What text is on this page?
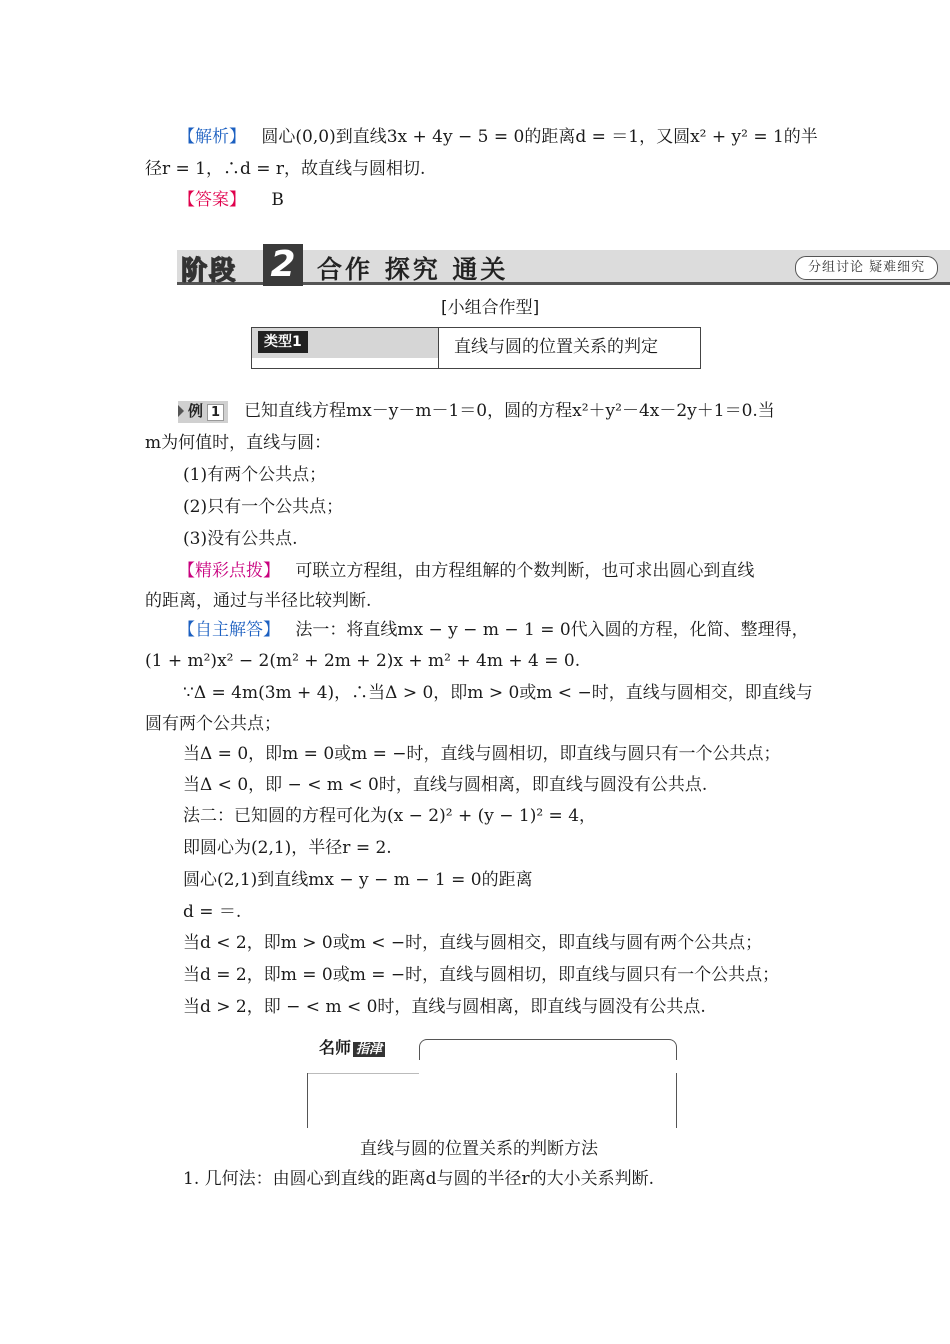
【解析】 圆心(0,0)到直线3x + 4y − 5 = 0的距离d = ＝1，又圆x² + y² = 1的半
径r = 1，∴d = r，故直线与圆相切.
【答案】 B
阶段 2 合作 探究 通关	分组讨论 疑难细究
[小组合作型]
类型1	直线与圆的位置关系的判定
例 1 已知直线方程mx－y－m－1＝0，圆的方程x²＋y²－4x－2y＋1＝0.当
m为何值时，直线与圆：
(1)有两个公共点；
(2)只有一个公共点；
(3)没有公共点.
【精彩点拨】 可联立方程组，由方程组解的个数判断，也可求出圆心到直线
的距离，通过与半径比较判断.
【自主解答】 法一：将直线mx − y − m − 1 = 0代入圆的方程，化简、整理得，
(1 + m²)x² − 2(m² + 2m + 2)x + m² + 4m + 4 = 0.
∵Δ = 4m(3m + 4)，∴当Δ > 0，即m > 0或m < −时，直线与圆相交，即直线与
圆有两个公共点；
当Δ = 0，即m = 0或m = −时，直线与圆相切，即直线与圆只有一个公共点；
当Δ < 0，即 − < m < 0时，直线与圆相离，即直线与圆没有公共点.
法二：已知圆的方程可化为(x − 2)² + (y − 1)² = 4，
即圆心为(2,1)，半径r = 2.
圆心(2,1)到直线mx − y − m − 1 = 0的距离
d = ＝.
当d < 2，即m > 0或m < −时，直线与圆相交，即直线与圆有两个公共点；
当d = 2，即m = 0或m = −时，直线与圆相切，即直线与圆只有一个公共点；
当d > 2，即 − < m < 0时，直线与圆相离，即直线与圆没有公共点.
名师 指津
直线与圆的位置关系的判断方法
1. 几何法：由圆心到直线的距离d与圆的半径r的大小关系判断.
